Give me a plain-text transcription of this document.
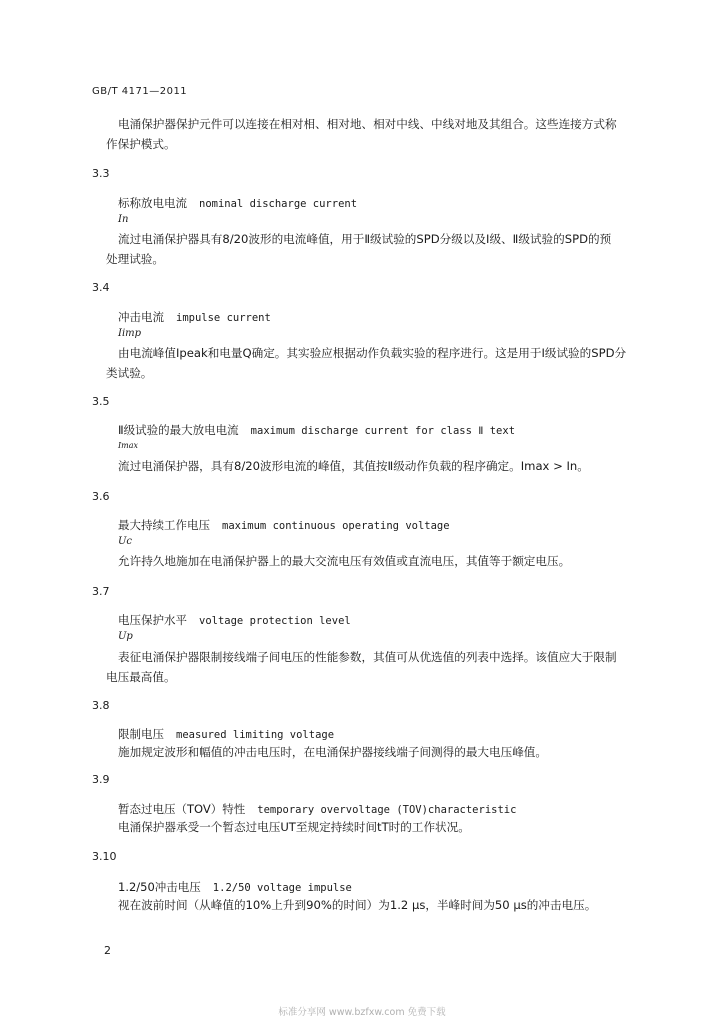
GB/T 4171—2011
电涌保护器保护元件可以连接在相对相、相对地、相对中线、中线对地及其组合。这些连接方式称
作保护模式。
3.3
标称放电电流 nominal discharge current
In
流过电涌保护器具有8/20波形的电流峰值，用于Ⅱ级试验的SPD分级以及Ⅰ级、Ⅱ级试验的SPD的预
处理试验。
3.4
冲击电流 impulse current
Iimp
由电流峰值Ipeak和电量Q确定。其实验应根据动作负载实验的程序进行。这是用于Ⅰ级试验的SPD分
类试验。
3.5
Ⅱ级试验的最大放电电流 maximum discharge current for class Ⅱ text
Imax
流过电涌保护器，具有8/20波形电流的峰值，其值按Ⅱ级动作负载的程序确定。Imax > In。
3.6
最大持续工作电压 maximum continuous operating voltage
Uc
允许持久地施加在电涌保护器上的最大交流电压有效值或直流电压，其值等于额定电压。
3.7
电压保护水平 voltage protection level
Up
表征电涌保护器限制接线端子间电压的性能参数，其值可从优选值的列表中选择。该值应大于限制
电压最高值。
3.8
限制电压 measured limiting voltage
施加规定波形和幅值的冲击电压时，在电涌保护器接线端子间测得的最大电压峰值。
3.9
暂态过电压（TOV）特性 temporary overvoltage (TOV)characteristic
电涌保护器承受一个暂态过电压UT至规定持续时间tT时的工作状况。
3.10
1.2/50冲击电压 1.2/50 voltage impulse
视在波前时间（从峰值的10%上升到90%的时间）为1.2 μs，半峰时间为50 μs的冲击电压。
2
标准分享网 www.bzfxw.com 免费下载
